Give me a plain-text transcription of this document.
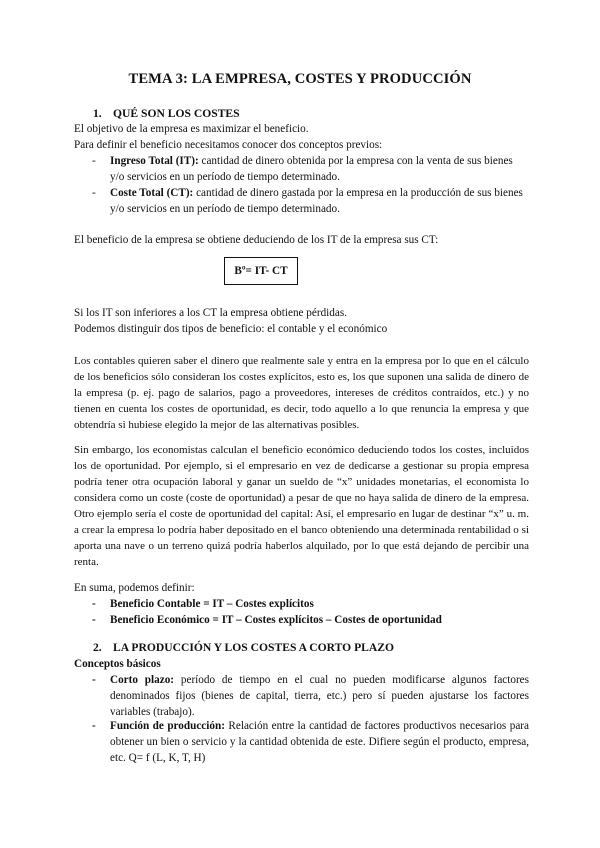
TEMA 3: LA EMPRESA, COSTES Y PRODUCCIÓN
1. QUÉ SON LOS COSTES
El objetivo de la empresa es maximizar el beneficio.
Para definir el beneficio necesitamos conocer dos conceptos previos:
-	Ingreso Total (IT): cantidad de dinero obtenida por la empresa con la venta de sus bienes y/o servicios en un período de tiempo determinado.
-	Coste Total (CT): cantidad de dinero gastada por la empresa en la producción de sus bienes y/o servicios en un período de tiempo determinado.
El beneficio de la empresa se obtiene deduciendo de los IT de la empresa sus CT:
Bº= IT- CT
Si los IT son inferiores a los CT la empresa obtiene pérdidas.
Podemos distinguir dos tipos de beneficio: el contable y el económico
Los contables quieren saber el dinero que realmente sale y entra en la empresa por lo que en el cálculo de los beneficios sólo consideran los costes explícitos, esto es, los que suponen una salida de dinero de la empresa (p. ej. pago de salarios, pago a proveedores, intereses de créditos contraídos, etc.) y no tienen en cuenta los costes de oportunidad, es decir, todo aquello a lo que renuncia la empresa y que obtendría si hubiese elegido la mejor de las alternativas posibles.
Sin embargo, los economistas calculan el beneficio económico deduciendo todos los costes, incluidos los de oportunidad. Por ejemplo, si el empresario en vez de dedicarse a gestionar su propia empresa podría tener otra ocupación laboral y ganar un sueldo de “x” unidades monetarias, el economista lo considera como un coste (coste de oportunidad) a pesar de que no haya salida de dinero de la empresa. Otro ejemplo sería el coste de oportunidad del capital: Así, el empresario en lugar de destinar “x” u. m. a crear la empresa lo podría haber depositado en el banco obteniendo una determinada rentabilidad o si aporta una nave o un terreno quizá podría haberlos alquilado, por lo que está dejando de percibir una renta.
En suma, podemos definir:
-	Beneficio Contable = IT – Costes explícitos
-	Beneficio Económico = IT – Costes explícitos – Costes de oportunidad
2. LA PRODUCCIÓN Y LOS COSTES A CORTO PLAZO
Conceptos básicos
-	Corto plazo: período de tiempo en el cual no pueden modificarse algunos factores denominados fijos (bienes de capital, tierra, etc.) pero sí pueden ajustarse los factores variables (trabajo).
-	Función de producción: Relación entre la cantidad de factores productivos necesarios para obtener un bien o servicio y la cantidad obtenida de este. Difiere según el producto, empresa, etc. Q= f (L, K, T, H)
